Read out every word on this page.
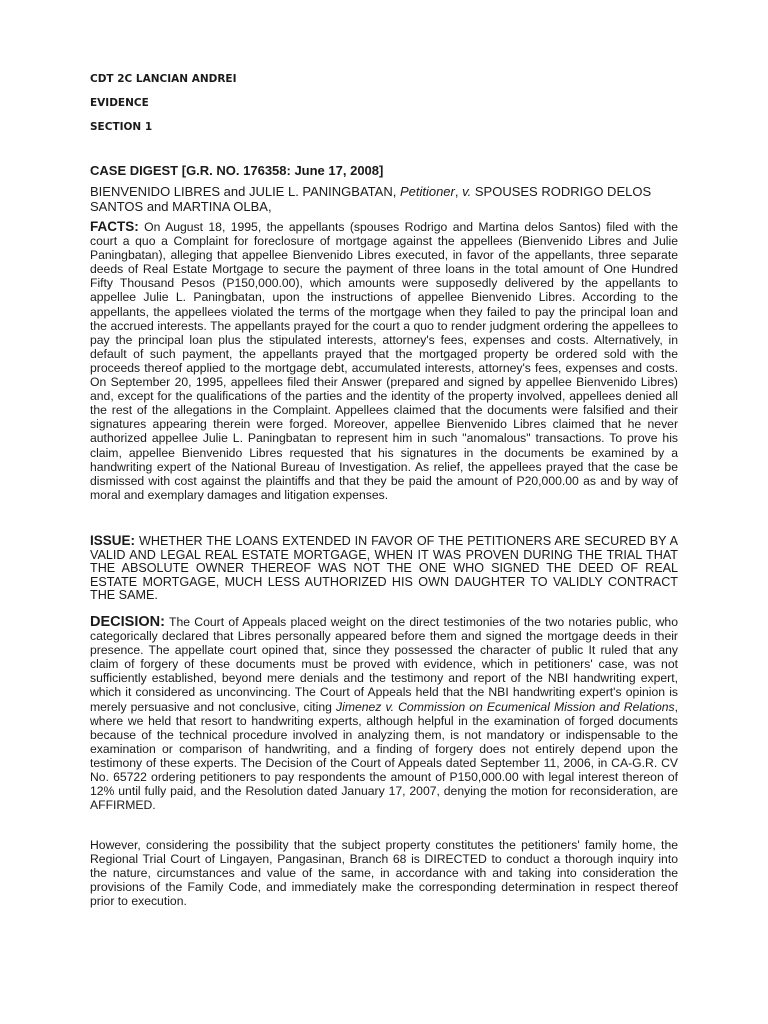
CDT 2C LANCIAN ANDREI
EVIDENCE
SECTION 1
CASE DIGEST [G.R. NO. 176358: June 17, 2008]

BIENVENIDO LIBRES and JULIE L. PANINGBATAN, Petitioner, v. SPOUSES RODRIGO DELOS SANTOS and MARTINA OLBA,

FACTS: On August 18, 1995, the appellants (spouses Rodrigo and Martina delos Santos) filed with the court a quo a Complaint for foreclosure of mortgage against the appellees (Bienvenido Libres and Julie Paningbatan), alleging that appellee Bienvenido Libres executed, in favor of the appellants, three separate deeds of Real Estate Mortgage to secure the payment of three loans in the total amount of One Hundred Fifty Thousand Pesos (P150,000.00), which amounts were supposedly delivered by the appellants to appellee Julie L. Paningbatan, upon the instructions of appellee Bienvenido Libres. According to the appellants, the appellees violated the terms of the mortgage when they failed to pay the principal loan and the accrued interests. The appellants prayed for the court a quo to render judgment ordering the appellees to pay the principal loan plus the stipulated interests, attorney's fees, expenses and costs. Alternatively, in default of such payment, the appellants prayed that the mortgaged property be ordered sold with the proceeds thereof applied to the mortgage debt, accumulated interests, attorney's fees, expenses and costs. On September 20, 1995, appellees filed their Answer (prepared and signed by appellee Bienvenido Libres) and, except for the qualifications of the parties and the identity of the property involved, appellees denied all the rest of the allegations in the Complaint. Appellees claimed that the documents were falsified and their signatures appearing therein were forged. Moreover, appellee Bienvenido Libres claimed that he never authorized appellee Julie L. Paningbatan to represent him in such "anomalous" transactions. To prove his claim, appellee Bienvenido Libres requested that his signatures in the documents be examined by a handwriting expert of the National Bureau of Investigation. As relief, the appellees prayed that the case be dismissed with cost against the plaintiffs and that they be paid the amount of P20,000.00 as and by way of moral and exemplary damages and litigation expenses.

ISSUE: WHETHER THE LOANS EXTENDED IN FAVOR OF THE PETITIONERS ARE SECURED BY A VALID AND LEGAL REAL ESTATE MORTGAGE, WHEN IT WAS PROVEN DURING THE TRIAL THAT THE ABSOLUTE OWNER THEREOF WAS NOT THE ONE WHO SIGNED THE DEED OF REAL ESTATE MORTGAGE, MUCH LESS AUTHORIZED HIS OWN DAUGHTER TO VALIDLY CONTRACT THE SAME.

DECISION: The Court of Appeals placed weight on the direct testimonies of the two notaries public, who categorically declared that Libres personally appeared before them and signed the mortgage deeds in their presence. The appellate court opined that, since they possessed the character of public It ruled that any claim of forgery of these documents must be proved with evidence, which in petitioners' case, was not sufficiently established, beyond mere denials and the testimony and report of the NBI handwriting expert, which it considered as unconvincing. The Court of Appeals held that the NBI handwriting expert's opinion is merely persuasive and not conclusive, citing Jimenez v. Commission on Ecumenical Mission and Relations, where we held that resort to handwriting experts, although helpful in the examination of forged documents because of the technical procedure involved in analyzing them, is not mandatory or indispensable to the examination or comparison of handwriting, and a finding of forgery does not entirely depend upon the testimony of these experts. The Decision of the Court of Appeals dated September 11, 2006, in CA-G.R. CV No. 65722 ordering petitioners to pay respondents the amount of P150,000.00 with legal interest thereon of 12% until fully paid, and the Resolution dated January 17, 2007, denying the motion for reconsideration, are AFFIRMED.

However, considering the possibility that the subject property constitutes the petitioners' family home, the Regional Trial Court of Lingayen, Pangasinan, Branch 68 is DIRECTED to conduct a thorough inquiry into the nature, circumstances and value of the same, in accordance with and taking into consideration the provisions of the Family Code, and immediately make the corresponding determination in respect thereof prior to execution.
